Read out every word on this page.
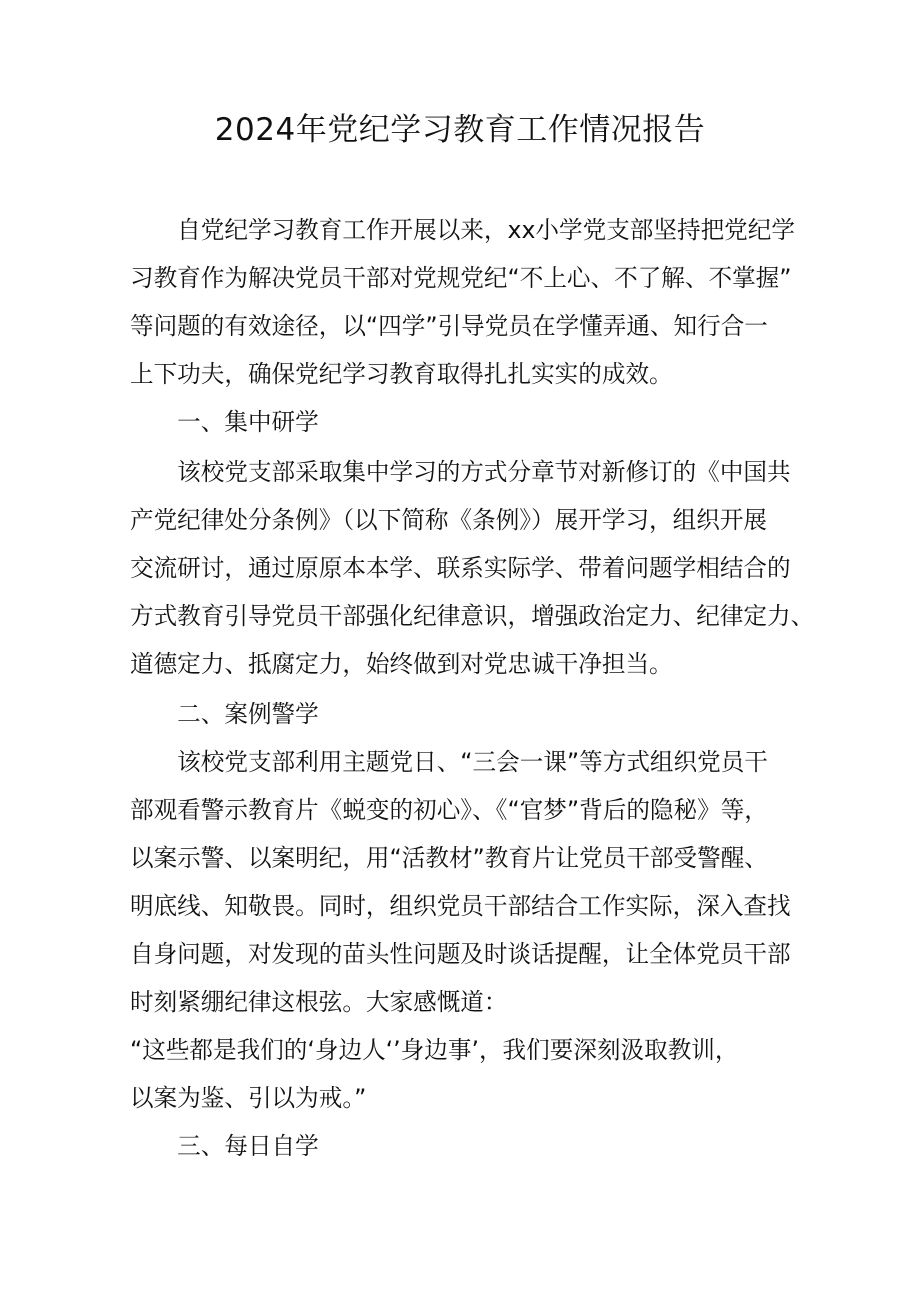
2024年党纪学习教育工作情况报告
　　自党纪学习教育工作开展以来，xx小学党支部坚持把党纪学
习教育作为解决党员干部对党规党纪“不上心、不了解、不掌握”
等问题的有效途径，以“四学”引导党员在学懂弄通、知行合一
上下功夫，确保党纪学习教育取得扎扎实实的成效。
　　一、集中研学
　　该校党支部采取集中学习的方式分章节对新修订的《中国共
产党纪律处分条例》（以下简称《条例》）展开学习，组织开展
交流研讨，通过原原本本学、联系实际学、带着问题学相结合的
方式教育引导党员干部强化纪律意识，增强政治定力、纪律定力、
道德定力、抵腐定力，始终做到对党忠诚干净担当。
　　二、案例警学
　　该校党支部利用主题党日、“三会一课”等方式组织党员干
部观看警示教育片《蜕变的初心》、《“官梦”背后的隐秘》等，
以案示警、以案明纪，用“活教材”教育片让党员干部受警醒、
明底线、知敬畏。同时，组织党员干部结合工作实际，深入查找
自身问题，对发现的苗头性问题及时谈话提醒，让全体党员干部
时刻紧绷纪律这根弦。大家感慨道：
“这些都是我们的‘身边人‘’身边事’，我们要深刻汲取教训，
以案为鉴、引以为戒。”
　　三、每日自学
